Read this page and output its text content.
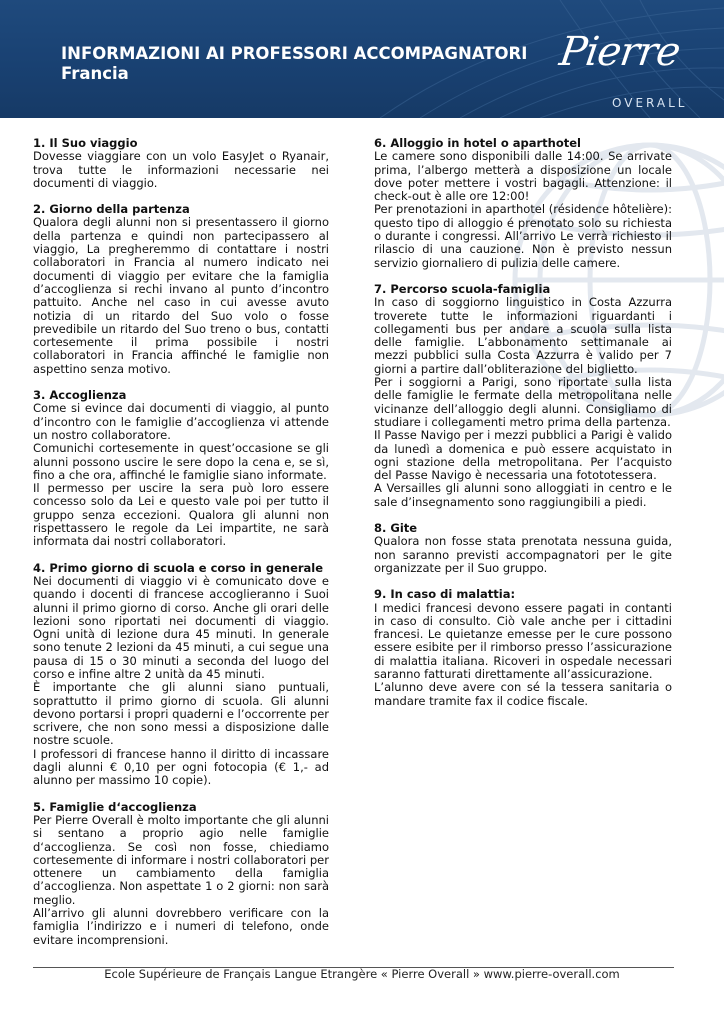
INFORMAZIONI AI PROFESSORI ACCOMPAGNATORI
Francia	Pierre
OVERALL
1. Il Suo viaggio

Dovesse viaggiare con un volo EasyJet o Ryanair, trova tutte le informazioni necessarie nei documenti di viaggio.

2. Giorno della partenza

Qualora degli alunni non si presentassero il giorno della partenza e quindi non partecipassero al viaggio, La pregheremmo di contattare i nostri collaboratori in Francia al numero indicato nei documenti di viaggio per evitare che la famiglia d’accoglienza si rechi invano al punto d’incontro pattuito. Anche nel caso in cui avesse avuto notizia di un ritardo del Suo volo o fosse prevedibile un ritardo del Suo treno o bus, contatti cortesemente il prima possibile i nostri collaboratori in Francia affinché le famiglie non aspettino senza motivo.

3. Accoglienza

Come si evince dai documenti di viaggio, al punto d’incontro con le famiglie d’accoglienza vi attende un nostro collaboratore.

Comunichi cortesemente in quest’occasione se gli alunni possono uscire le sere dopo la cena e, se sì, fino a che ora, affinché le famiglie siano informate.

Il permesso per uscire la sera può loro essere concesso solo da Lei e questo vale poi per tutto il gruppo senza eccezioni. Qualora gli alunni non rispettassero le regole da Lei impartite, ne sarà informata dai nostri collaboratori.

4. Primo giorno di scuola e corso in generale

Nei documenti di viaggio vi è comunicato dove e quando i docenti di francese accoglieranno i Suoi alunni il primo giorno di corso. Anche gli orari delle lezioni sono riportati nei documenti di viaggio. Ogni unità di lezione dura 45 minuti. In generale sono tenute 2 lezioni da 45 minuti, a cui segue una pausa di 15 o 30 minuti a seconda del luogo del corso e infine altre 2 unità da 45 minuti.

È importante che gli alunni siano puntuali, soprattutto il primo giorno di scuola. Gli alunni devono portarsi i propri quaderni e l’occorrente per scrivere, che non sono messi a disposizione dalle nostre scuole.

I professori di francese hanno il diritto di incassare dagli alunni € 0,10 per ogni fotocopia (€ 1,- ad alunno per massimo 10 copie).

5. Famiglie d‘accoglienza

Per Pierre Overall è molto importante che gli alunni si sentano a proprio agio nelle famiglie d‘accoglienza. Se così non fosse, chiediamo cortesemente di informare i nostri collaboratori per ottenere un cambiamento della famiglia d’accoglienza. Non aspettate 1 o 2 giorni: non sarà meglio.

All’arrivo gli alunni dovrebbero verificare con la famiglia l’indirizzo e i numeri di telefono, onde evitare incomprensioni.

6. Alloggio in hotel o aparthotel

Le camere sono disponibili dalle 14:00. Se arrivate prima, l’albergo metterà a disposizione un locale dove poter mettere i vostri bagagli. Attenzione: il check-out è alle ore 12:00!

Per prenotazioni in aparthotel (résidence hôtelière): questo tipo di alloggio é prenotato solo su richiesta o durante i congressi. All’arrivo Le verrà richiesto il rilascio di una cauzione. Non è previsto nessun servizio giornaliero di pulizia delle camere.

7. Percorso scuola-famiglia

In caso di soggiorno linguistico in Costa Azzurra troverete tutte le informazioni riguardanti i collegamenti bus per andare a scuola sulla lista delle famiglie. L’abbonamento settimanale ai mezzi pubblici sulla Costa Azzurra è valido per 7 giorni a partire dall’obliterazione del biglietto.

Per i soggiorni a Parigi, sono riportate sulla lista delle famiglie le fermate della metropolitana nelle vicinanze dell’alloggio degli alunni. Consigliamo di studiare i collegamenti metro prima della partenza.

Il Passe Navigo per i mezzi pubblici a Parigi è valido da lunedì a domenica e può essere acquistato in ogni stazione della metropolitana. Per l’acquisto del Passe Navigo è necessaria una fotototessera.

A Versailles gli alunni sono alloggiati in centro e le sale d’insegnamento sono raggiungibili a piedi.

8. Gite

Qualora non fosse stata prenotata nessuna guida, non saranno previsti accompagnatori per le gite organizzate per il Suo gruppo.

9. In caso di malattia:

I medici francesi devono essere pagati in contanti in caso di consulto. Ciò vale anche per i cittadini francesi. Le quietanze emesse per le cure possono essere esibite per il rimborso presso l’assicurazione di malattia italiana. Ricoveri in ospedale necessari saranno fatturati direttamente all’assicurazione.

L’alunno deve avere con sé la tessera sanitaria o mandare tramite fax il codice fiscale.

Ecole Supérieure de Français Langue Etrangère « Pierre Overall » www.pierre-overall.com
